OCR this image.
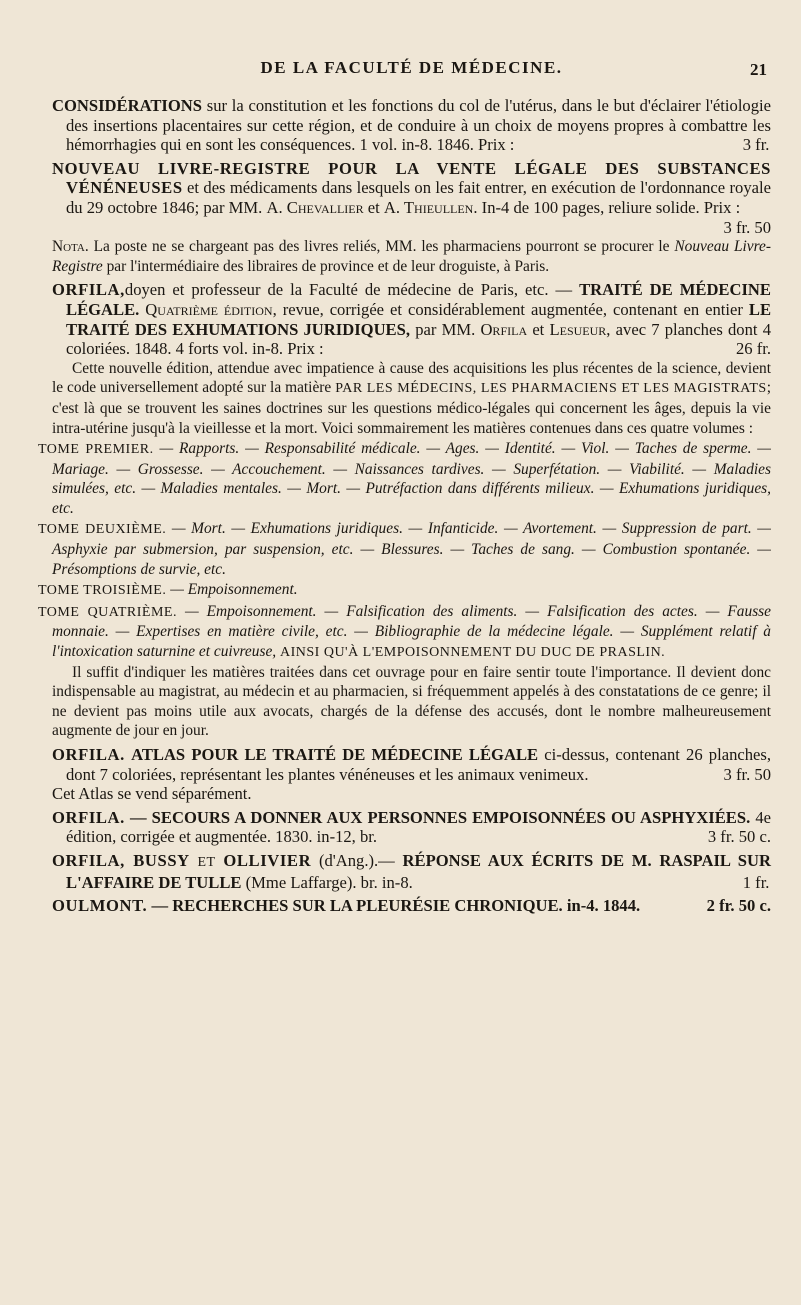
DE LA FACULTÉ DE MÉDECINE.	21

CONSIDÉRATIONS sur la constitution et les fonctions du col de l'utérus, dans le but d'éclairer l'étiologie des insertions placentaires sur cette région, et de conduire à un choix de moyens propres à combattre les hémorrhagies qui en sont les conséquences. 1 vol. in-8. 1846. Prix :	3 fr.

NOUVEAU LIVRE-REGISTRE POUR LA VENTE LÉGALE DES SUBSTANCES VÉNÉNEUSES et des médicaments dans lesquels on les fait entrer, en exécution de l'ordonnance royale du 29 octobre 1846; par MM. A. Chevallier et A. Thieullen. In-4 de 100 pages, reliure solide. Prix :
3 fr. 50

Nota. La poste ne se chargeant pas des livres reliés, MM. les pharmaciens pourront se procurer le Nouveau Livre-Registre par l'intermédiaire des libraires de province et de leur droguiste, à Paris.

ORFILA,doyen et professeur de la Faculté de médecine de Paris, etc. — TRAITÉ DE MÉDECINE LÉGALE. Quatrième édition, revue, corrigée et considérablement augmentée, contenant en entier LE TRAITÉ DES EXHUMATIONS JURIDIQUES, par MM. Orfila et Lesueur, avec 7 planches dont 4 coloriées. 1848. 4 forts vol. in-8. Prix :	26 fr.

Cette nouvelle édition, attendue avec impatience à cause des acquisitions les plus récentes de la science, devient le code universellement adopté sur la matière PAR LES MÉDECINS, LES PHARMACIENS ET LES MAGISTRATS; c'est là que se trouvent les saines doctrines sur les questions médico-légales qui concernent les âges, depuis la vie intra-utérine jusqu'à la vieillesse et la mort. Voici sommairement les matières contenues dans ces quatre volumes :

TOME PREMIER. — Rapports. — Responsabilité médicale. — Ages. — Identité. — Viol. — Taches de sperme. — Mariage. — Grossesse. — Accouchement. — Naissances tardives. — Superfétation. — Viabilité. — Maladies simulées, etc. — Maladies mentales. — Mort. — Putréfaction dans différents milieux. — Exhumations juridiques, etc.

TOME DEUXIÈME. — Mort. — Exhumations juridiques. — Infanticide. — Avortement. — Suppression de part. — Asphyxie par submersion, par suspension, etc. — Blessures. — Taches de sang. — Combustion spontanée. — Présomptions de survie, etc.

TOME TROISIÈME. — Empoisonnement.

TOME QUATRIÈME. — Empoisonnement. — Falsification des aliments. — Falsification des actes. — Fausse monnaie. — Expertises en matière civile, etc. — Bibliographie de la médecine légale. — Supplément relatif à l'intoxication saturnine et cuivreuse, AINSI QU'À L'EMPOISONNEMENT DU DUC DE PRASLIN.

Il suffit d'indiquer les matières traitées dans cet ouvrage pour en faire sentir toute l'importance. Il devient donc indispensable au magistrat, au médecin et au pharmacien, si fréquemment appelés à des constatations de ce genre; il ne devient pas moins utile aux avocats, chargés de la défense des accusés, dont le nombre malheureusement augmente de jour en jour.

ORFILA. ATLAS POUR LE TRAITÉ DE MÉDECINE LÉGALE ci-dessus, contenant 26 planches, dont 7 coloriées, représentant les plantes vénéneuses et les animaux venimeux.	3 fr. 50

Cet Atlas se vend séparément.

ORFILA. — SECOURS A DONNER AUX PERSONNES EMPOISONNÉES OU ASPHYXIÉES. 4e édition, corrigée et augmentée. 1830. in-12, br.	3 fr. 50 c.

ORFILA, BUSSY ET OLLIVIER (d'Ang.).— RÉPONSE AUX ÉCRITS DE M. RASPAIL SUR L'AFFAIRE DE TULLE (Mme Laffarge). br. in-8.	1 fr.

OULMONT. — RECHERCHES SUR LA PLEURÉSIE CHRONIQUE. in-4. 1844.	2 fr. 50 c.
